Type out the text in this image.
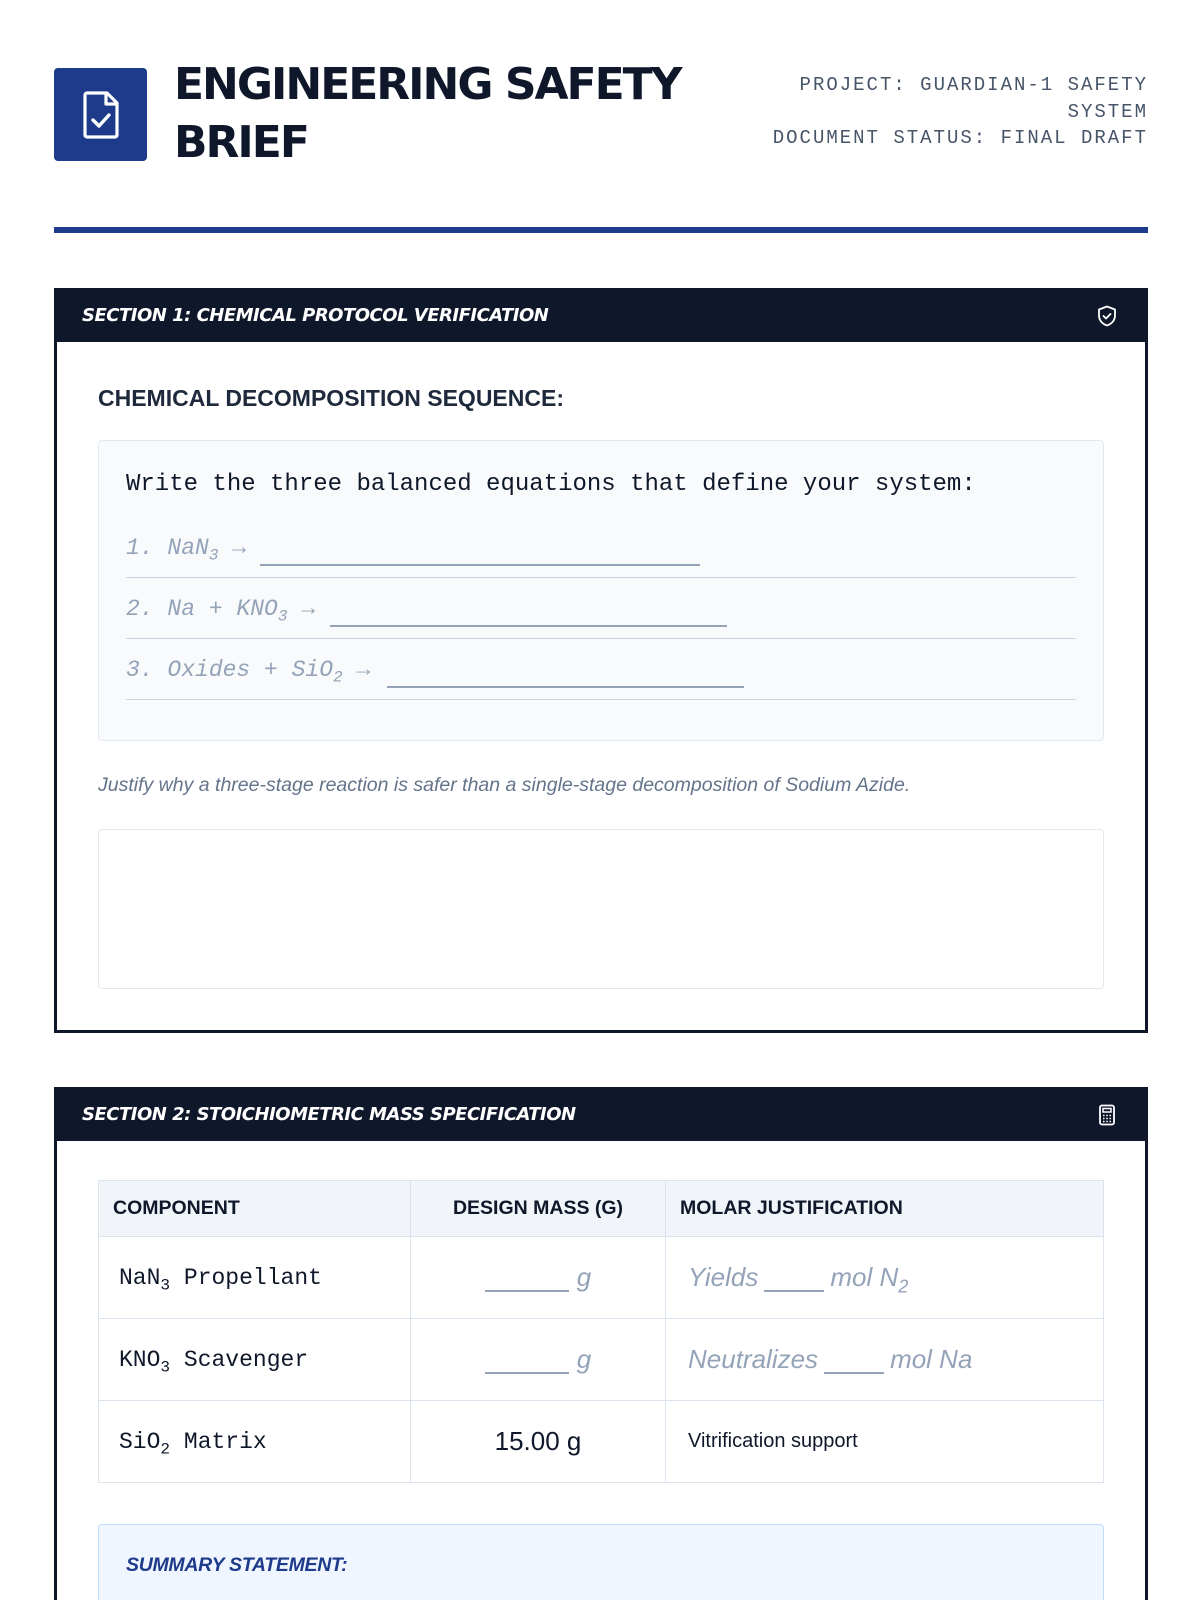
ENGINEERING SAFETY BRIEF
PROJECT: GUARDIAN-1 SAFETY SYSTEM
DOCUMENT STATUS: FINAL DRAFT
SECTION 1: CHEMICAL PROTOCOL VERIFICATION
CHEMICAL DECOMPOSITION SEQUENCE:
Write the three balanced equations that define your system:
1. NaN$_3$ →
2. $Na + KNO_3$ →
3. Oxides + SiO$_2$ →
Justify why a three-stage reaction is safer than a single-stage decomposition of Sodium Azide.
SECTION 2: STOICHIOMETRIC MASS SPECIFICATION
COMPONENT	DESIGN MASS (G)	MOLAR JUSTIFICATION
NaN$_3$ Propellant	g	Yields mol $N_2$
$KNO_3$ Scavenger	g	Neutralizes mol Na
SiO$_2$ Matrix	15.00 g	Vitrification support
SUMMARY STATEMENT:
